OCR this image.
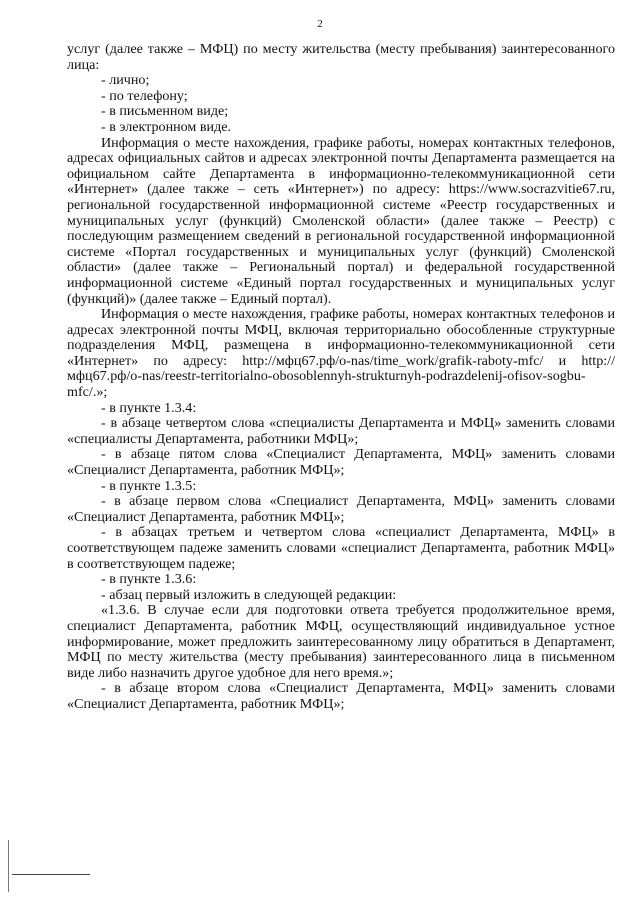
2

услуг (далее также – МФЦ) по месту жительства (месту пребывания) заинтересованного лица:

- лично;

- по телефону;

- в письменном виде;

- в электронном виде.

Информация о месте нахождения, графике работы, номерах контактных телефонов, адресах официальных сайтов и адресах электронной почты Департамента размещается на официальном сайте Департамента в информационно-телекоммуникационной сети «Интернет» (далее также – сеть «Интернет») по адресу: https://www.socrazvitie67.ru, региональной государственной информационной системе «Реестр государственных и муниципальных услуг (функций) Смоленской области» (далее также – Реестр) с последующим размещением сведений в региональной государственной информационной системе «Портал государственных и муниципальных услуг (функций) Смоленской области» (далее также – Региональный портал) и федеральной государственной информационной системе «Единый портал государственных и муниципальных услуг (функций)» (далее также – Единый портал).

Информация о месте нахождения, графике работы, номерах контактных телефонов и адресах электронной почты МФЦ, включая территориально обособленные структурные подразделения МФЦ, размещена в информационно-телекоммуникационной сети «Интернет» по адресу: http://мфц67.рф/o-nas/time_work/grafik-raboty-mfc/ и http://мфц67.рф/o-nas/reestr-territorialno-obosoblennyh-strukturnyh-podrazdelenij-ofisov-sogbu-mfc/.»;

- в пункте 1.3.4:

- в абзаце четвертом слова «специалисты Департамента и МФЦ» заменить словами «специалисты Департамента, работники МФЦ»;

- в абзаце пятом слова «Специалист Департамента, МФЦ» заменить словами «Специалист Департамента, работник МФЦ»;

- в пункте 1.3.5:

- в абзаце первом слова «Специалист Департамента, МФЦ» заменить словами «Специалист Департамента, работник МФЦ»;

- в абзацах третьем и четвертом слова «специалист Департамента, МФЦ» в соответствующем падеже заменить словами «специалист Департамента, работник МФЦ» в соответствующем падеже;

- в пункте 1.3.6:

- абзац первый изложить в следующей редакции:

«1.3.6. В случае если для подготовки ответа требуется продолжительное время, специалист Департамента, работник МФЦ, осуществляющий индивидуальное устное информирование, может предложить заинтересованному лицу обратиться в Департамент, МФЦ по месту жительства (месту пребывания) заинтересованного лица в письменном виде либо назначить другое удобное для него время.»;

- в абзаце втором слова «Специалист Департамента, МФЦ» заменить словами «Специалист Департамента, работник МФЦ»;
